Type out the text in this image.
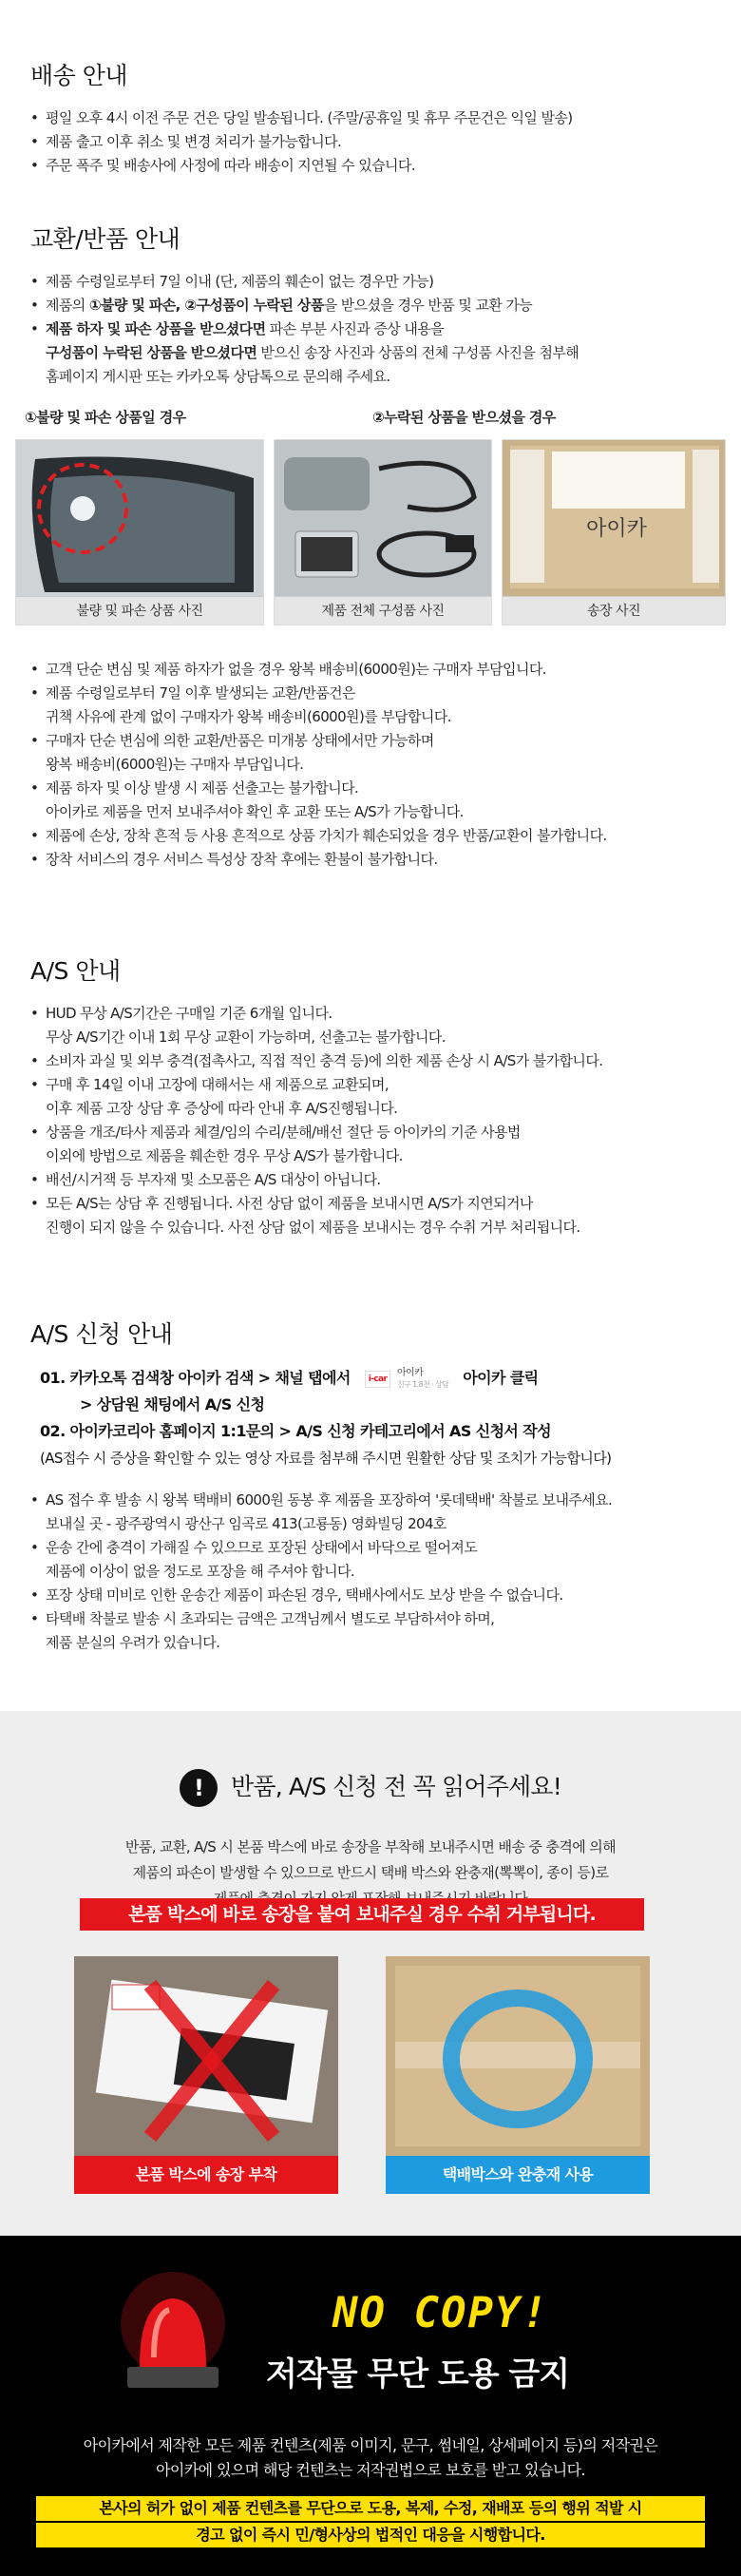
배송 안내
• 평일 오후 4시 이전 주문 건은 당일 발송됩니다. (주말/공휴일 및 휴무 주문건은 익일 발송)
• 제품 출고 이후 취소 및 변경 처리가 불가능합니다.
• 주문 폭주 및 배송사에 사정에 따라 배송이 지연될 수 있습니다.
교환/반품 안내
• 제품 수령일로부터 7일 이내 (단, 제품의 훼손이 없는 경우만 가능)
• 제품의 ①불량 및 파손, ②구성품이 누락된 상품을 받으셨을 경우 반품 및 교환 가능
• 제품 하자 및 파손 상품을 받으셨다면 파손 부분 사진과 증상 내용을
구성품이 누락된 상품을 받으셨다면 받으신 송장 사진과 상품의 전체 구성품 사진을 첨부해
홈페이지 게시판 또는 카카오톡 상담톡으로 문의해 주세요.
①불량 및 파손 상품일 경우	②누락된 상품을 받으셨을 경우
불량 및 파손 상품 사진	제품 전체 구성품 사진
아이카
송장 사진
• 고객 단순 변심 및 제품 하자가 없을 경우 왕복 배송비(6000원)는 구매자 부담입니다.
• 제품 수령일로부터 7일 이후 발생되는 교환/반품건은
귀책 사유에 관계 없이 구매자가 왕복 배송비(6000원)를 부담합니다.
• 구매자 단순 변심에 의한 교환/반품은 미개봉 상태에서만 가능하며
왕복 배송비(6000원)는 구매자 부담입니다.
• 제품 하자 및 이상 발생 시 제품 선출고는 불가합니다.
아이카로 제품을 먼저 보내주셔야 확인 후 교환 또는 A/S가 가능합니다.
• 제품에 손상, 장착 흔적 등 사용 흔적으로 상품 가치가 훼손되었을 경우 반품/교환이 불가합니다.
• 장착 서비스의 경우 서비스 특성상 장착 후에는 환불이 불가합니다.
A/S 안내
• HUD 무상 A/S기간은 구매일 기준 6개월 입니다.
무상 A/S기간 이내 1회 무상 교환이 가능하며, 선출고는 불가합니다.
• 소비자 과실 및 외부 충격(접촉사고, 직접 적인 충격 등)에 의한 제품 손상 시 A/S가 불가합니다.
• 구매 후 14일 이내 고장에 대해서는 새 제품으로 교환되며,
이후 제품 고장 상담 후 증상에 따라 안내 후 A/S진행됩니다.
• 상품을 개조/타사 제품과 체결/임의 수리/분해/배선 절단 등 아이카의 기준 사용법
이외에 방법으로 제품을 훼손한 경우 무상 A/S가 불가합니다.
• 배선/시거잭 등 부자재 및 소모품은 A/S 대상이 아닙니다.
• 모든 A/S는 상담 후 진행됩니다. 사전 상담 없이 제품을 보내시면 A/S가 지연되거나
진행이 되지 않을 수 있습니다. 사전 상담 없이 제품을 보내시는 경우 수취 거부 처리됩니다.
A/S 신청 안내
01. 카카오톡 검색창 아이카 검색 > 채널 탭에서 i-car
아이카
친구 1.8천 · 상담 아이카 클릭
> 상담원 채팅에서 A/S 신청
02. 아이카코리아 홈페이지 1:1문의 > A/S 신청 카테고리에서 AS 신청서 작성
(AS접수 시 증상을 확인할 수 있는 영상 자료를 첨부해 주시면 원활한 상담 및 조치가 가능합니다)
• AS 접수 후 발송 시 왕복 택배비 6000원 동봉 후 제품을 포장하여 '롯데택배' 착불로 보내주세요.
보내실 곳 - 광주광역시 광산구 임곡로 413(고룡동) 영화빌딩 204호
• 운송 간에 충격이 가해질 수 있으므로 포장된 상태에서 바닥으로 떨어져도
제품에 이상이 없을 정도로 포장을 해 주셔야 합니다.
• 포장 상태 미비로 인한 운송간 제품이 파손된 경우, 택배사에서도 보상 받을 수 없습니다.
• 타택배 착불로 발송 시 초과되는 금액은 고객님께서 별도로 부담하셔야 하며,
제품 분실의 우려가 있습니다.
! 반품, A/S 신청 전 꼭 읽어주세요!
반품, 교환, A/S 시 본품 박스에 바로 송장을 부착해 보내주시면 배송 중 충격에 의해
제품의 파손이 발생할 수 있으므로 반드시 택배 박스와 완충재(뽁뽁이, 종이 등)로
본품 박스에 바로 송장을 붙여 보내주실 경우 수취 거부됩니다.
본품 박스에 송장 부착	택배박스와 완충재 사용
NO COPY!
저작물 무단 도용 금지
아이카에서 제작한 모든 제품 컨텐츠(제품 이미지, 문구, 썸네일, 상세페이지 등)의 저작권은
아이카에 있으며 해당 컨텐츠는 저작권법으로 보호를 받고 있습니다.
본사의 허가 없이 제품 컨텐츠를 무단으로 도용, 복제, 수정, 재배포 등의 행위 적발 시
경고 없이 즉시 민/형사상의 법적인 대응을 시행합니다.
